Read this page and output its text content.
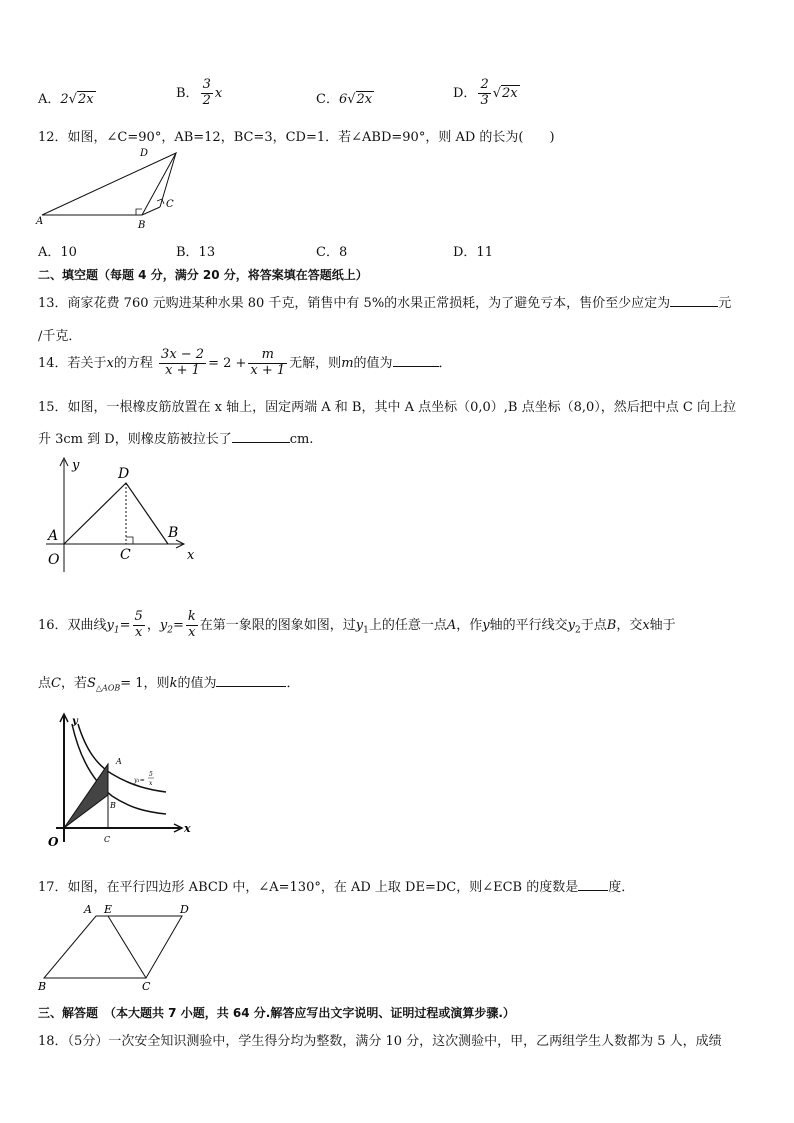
A．2√2x	B． $\frac{3}{2}$ x	C．6√2x	D． $\frac{2}{3} √2x$
12．如图，∠C=90°，AB=12，BC=3，CD=1．若∠ABD=90°，则 AD 的长为(　　)
D
A	B
C
A．10	B．13	C．8	D．11
二、填空题（每题 4 分，满分 20 分，将答案填在答题纸上）
13．商家花费 760 元购进某种水果 80 千克，销售中有 5%的水果正常损耗，为了避免亏本，售价至少应定为	元
/千克．
14．若关于x的方程 $\frac{3x - 2}{x + 1} = 2 + \frac{m}{x + 1}$ 无解，则m的值为	．
15．如图，一根橡皮筋放置在 x 轴上，固定两端 A 和 B，其中 A 点坐标（0,0）,B 点坐标（8,0），然后把中点 C 向上拉
升 3cm 到 D，则橡皮筋被拉长了	cm.
y
D
A	B
O	C	x
16．双曲线$y_1= \frac{5}{x}$ ，$y_2= \frac{k}{x}$ 在第一象限的图象如图，过$y_1$上的任意一点A，作y轴的平行线交$y_2$于点B，交x轴于
点C，若$S_{\triangle AOB}= 1$，则k的值为	．
y
A
B
C
O
x
y₁=
5
x
17．如图，在平行四边形 ABCD 中，∠A=130°，在 AD 上取 DE=DC，则∠ECB 的度数是 度．
A E	D
B	C
三、解答题　（本大题共 7 小题，共 64 分.解答应写出文字说明、证明过程或演算步骤.）
18．（5分）一次安全知识测验中，学生得分均为整数，满分 10 分，这次测验中，甲，乙两组学生人数都为 5 人，成绩
